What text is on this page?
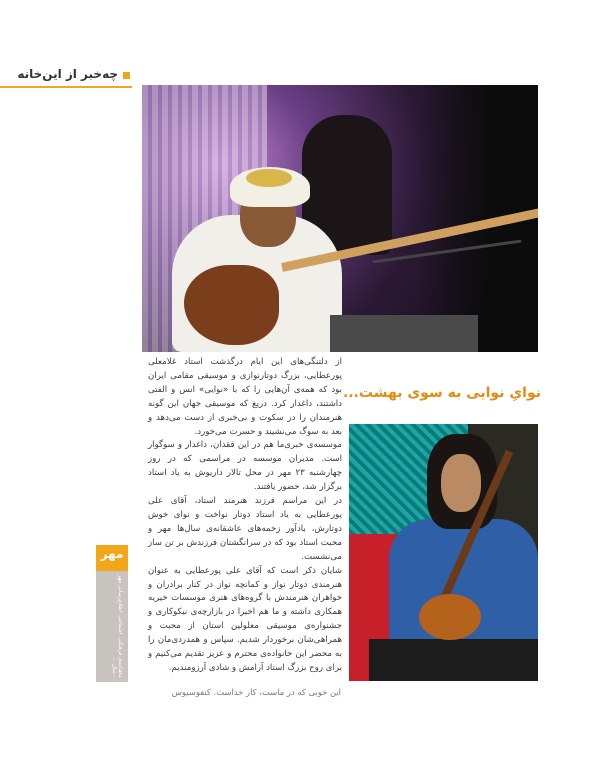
چه‌خبر از این‌خانه
نوایِ نوایی به سوی بهشت...

از دلتنگی‌های این ایام درگذشت استاد غلامعلی پورعطایی، بزرگ دوتارنوازی و موسیقی مقامی ایران بود که همه‌ی آن‌هایی را که با «نوایی» انس و الفتی داشتند، داغدار کرد. دریغ که موسیقی جهان این گونه هنرمندان را در سکوت و بی‌خبری از دست می‌دهد و بعد به سوگ می‌نشیند و حسرت می‌خورد.

موسسه‌ی خبری‌ما هم در این فقدان، داغدار و سوگوار است. مدیران موسسه در مراسمی که در روز چهارشنبه ۲۳ مهر در محل تالار داریوش به یاد استاد برگزار شد، حضور یافتند.

در این مراسم فرزند هنرمند استاد، آقای علی پورعطایی به یاد استاد دوتار نواخت و نوای خوش دوتارش، یادآور زخمه‌های عاشقانه‌ی سال‌ها مهر و محبت استاد بود که در سرانگشتان فرزندش بر تن ساز می‌نشست.

شایان ذکر است که آقای علی پورعطایی به عنوان هنرمندی دوتار نواز و کمانچه نواز در کنار برادران و خواهران هنرمندش با گروه‌های هنری موسسات خیریه همکاری داشته و ما هم اخیرا در بازارچه‌ی نیکوکاری و جشنواره‌ی موسیقی معلولین استان از محبت و همراهی‌شان برخوردار شدیم. سپاس و همدردی‌مان را به محضر این خانواده‌ی محترم و عزیز تقدیم می‌کنیم و برای روح بزرگ استاد آرامش و شادی آرزومندیم.

این خوبی که در ماست، کار خداست. کنفوسیوس
مهر
ماهنامه‌ی فرهنگی، اجتماعی، اطلاع‌رسانی مهر - سال ...
